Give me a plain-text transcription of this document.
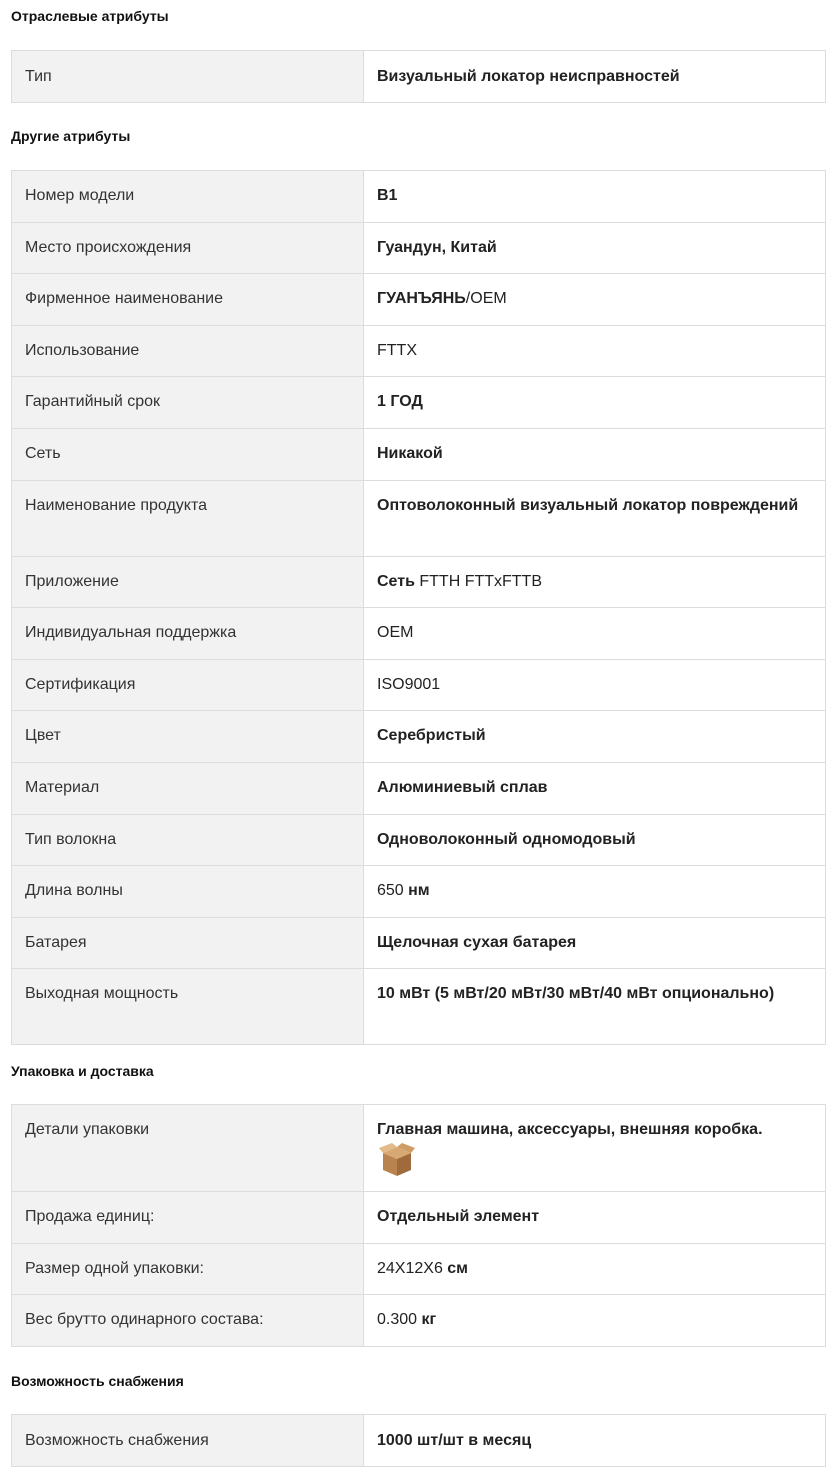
Отраслевые атрибуты
Тип	Визуальный локатор неисправностей
Другие атрибуты
Номер модели	B1
Место происхождения	Гуандун, Китай
Фирменное наименование	ГУАНЪЯНЬ/OEM
Использование	FTTX
Гарантийный срок	1 ГОД
Сеть	Никакой
Наименование продукта	Оптоволоконный визуальный локатор повреждений
Приложение	Сеть FTTH FTTxFTTB
Индивидуальная поддержка	OEM
Сертификация	ISO9001
Цвет	Серебристый
Материал	Алюминиевый сплав
Тип волокна	Одноволоконный одномодовый
Длина волны	650 нм
Батарея	Щелочная сухая батарея
Выходная мощность	10 мВт (5 мВт/20 мВт/30 мВт/40 мВт опционально)
Упаковка и доставка
Детали упаковки	Главная машина, аксессуары, внешняя коробка.

Продажа единиц:	Отдельный элемент
Размер одной упаковки:	24X12X6 см
Вес брутто одинарного состава:	0.300 кг
Возможность снабжения
Возможность снабжения	1000 шт/шт в месяц
